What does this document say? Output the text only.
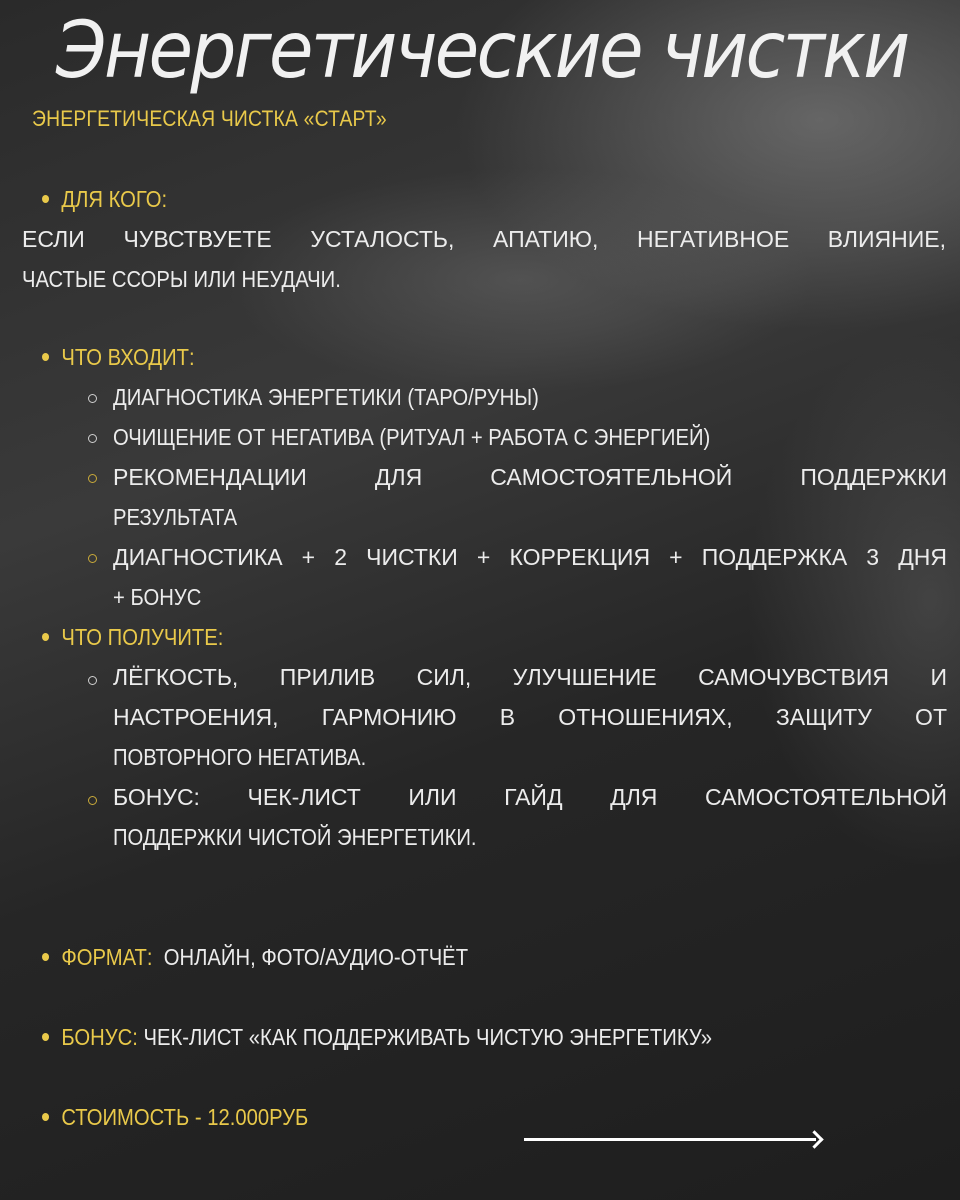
Энергетические чистки
ЭНЕРГЕТИЧЕСКАЯ ЧИСТКА «СТАРТ»
ДЛЯ КОГО:
ЕСЛИ ЧУВСТВУЕТЕ УСТАЛОСТЬ, АПАТИЮ, НЕГАТИВНОЕ ВЛИЯНИЕ,
ЧАСТЫЕ ССОРЫ ИЛИ НЕУДАЧИ.
ЧТО ВХОДИТ:
ДИАГНОСТИКА ЭНЕРГЕТИКИ (ТАРО/РУНЫ)
ОЧИЩЕНИЕ ОТ НЕГАТИВА (РИТУАЛ + РАБОТА С ЭНЕРГИЕЙ)
РЕКОМЕНДАЦИИ ДЛЯ САМОСТОЯТЕЛЬНОЙ ПОДДЕРЖКИ
РЕЗУЛЬТАТА
ДИАГНОСТИКА + 2 ЧИСТКИ + КОРРЕКЦИЯ + ПОДДЕРЖКА 3 ДНЯ
+ БОНУС
ЧТО ПОЛУЧИТЕ:
ЛЁГКОСТЬ, ПРИЛИВ СИЛ, УЛУЧШЕНИЕ САМОЧУВСТВИЯ И
НАСТРОЕНИЯ, ГАРМОНИЮ В ОТНОШЕНИЯХ, ЗАЩИТУ ОТ
ПОВТОРНОГО НЕГАТИВА.
БОНУС: ЧЕК-ЛИСТ ИЛИ ГАЙД ДЛЯ САМОСТОЯТЕЛЬНОЙ
ПОДДЕРЖКИ ЧИСТОЙ ЭНЕРГЕТИКИ.
ФОРМАТ: ОНЛАЙН, ФОТО/АУДИО-ОТЧЁТ
БОНУС: ЧЕК-ЛИСТ «КАК ПОДДЕРЖИВАТЬ ЧИСТУЮ ЭНЕРГЕТИКУ»
СТОИМОСТЬ - 12.000РУБ
